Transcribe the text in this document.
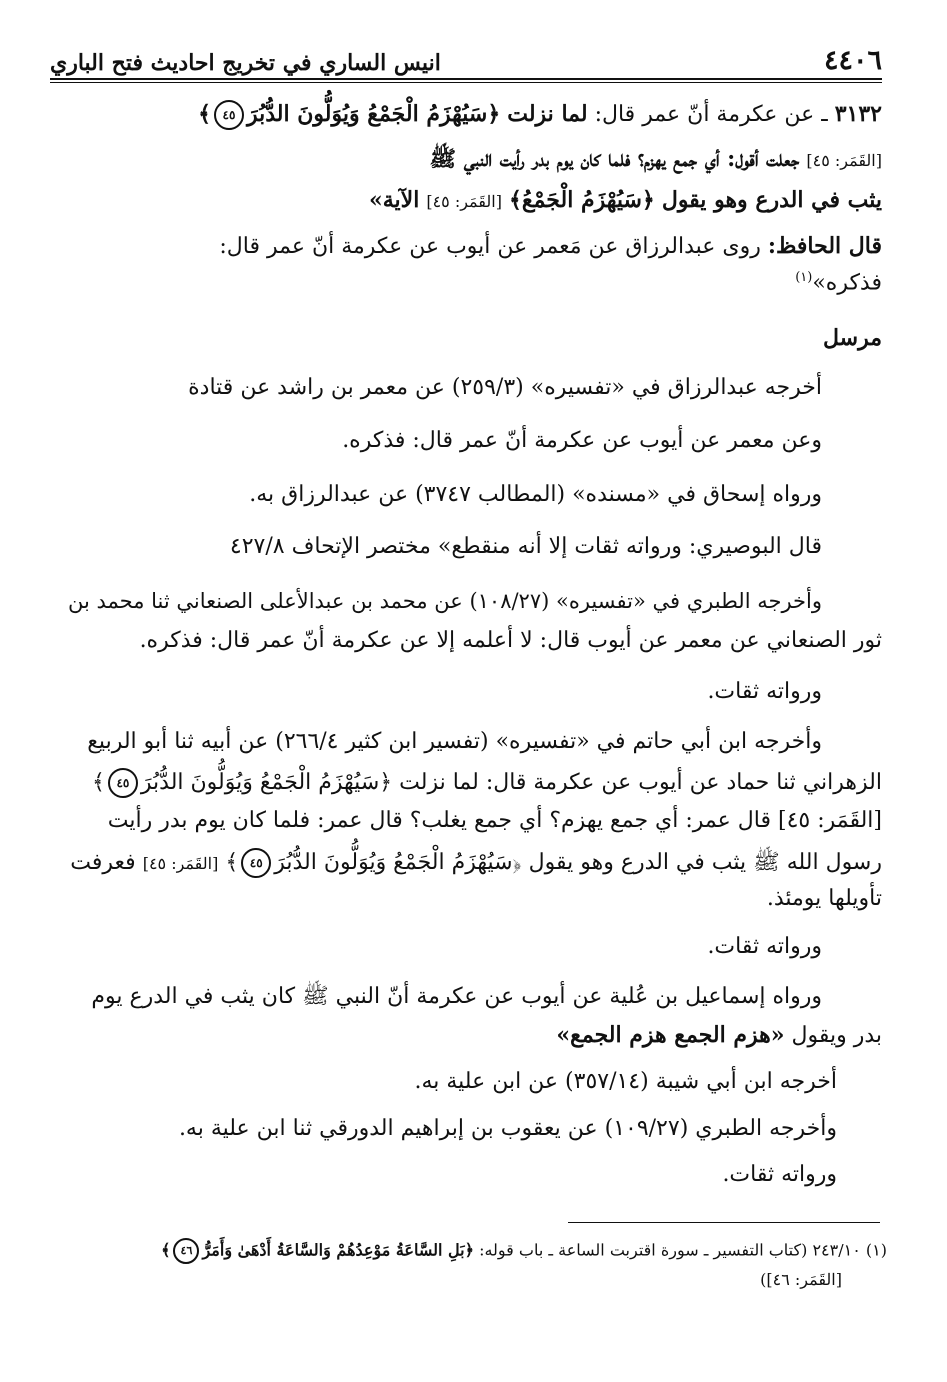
٤٤٠٦
انيس الساري في تخريج احاديث فتح الباري
٣١٣٢ ـ عن عكرمة أنّ عمر قال: لما نزلت ﴿سَيُهْزَمُ الْجَمْعُ وَيُوَلُّونَ الدُّبُرَ٤٥﴾
[القَمَر: ٤٥] جعلت أقول: أي جمع يهزم؟ فلما كان يوم بدر رأيت النبي ﷺ
يثب في الدرع وهو يقول ﴿سَيُهْزَمُ الْجَمْعُ﴾ [القَمَر: ٤٥] الآية»
قال الحافظ: روى عبدالرزاق عن مَعمر عن أيوب عن عكرمة أنّ عمر قال:
فذكره»$^{(١)}$
مرسل
أخرجه عبدالرزاق في «تفسيره» (٢٥٩/٣) عن معمر بن راشد عن قتادة
وعن معمر عن أيوب عن عكرمة أنّ عمر قال: فذكره.
ورواه إسحاق في «مسنده» (المطالب ٣٧٤٧) عن عبدالرزاق به.
قال البوصيري: ورواته ثقات إلا أنه منقطع» مختصر الإتحاف ٤٢٧/٨
وأخرجه الطبري في «تفسيره» (١٠٨/٢٧) عن محمد بن عبدالأعلى الصنعاني ثنا محمد بن
ثور الصنعاني عن معمر عن أيوب قال: لا أعلمه إلا عن عكرمة أنّ عمر قال: فذكره.
ورواته ثقات.
وأخرجه ابن أبي حاتم في «تفسيره» (تفسير ابن كثير ٢٦٦/٤) عن أبيه ثنا أبو الربيع
الزهراني ثنا حماد عن أيوب عن عكرمة قال: لما نزلت ﴿سَيُهْزَمُ الْجَمْعُ وَيُوَلُّونَ الدُّبُرَ٤٥﴾
[القَمَر: ٤٥] قال عمر: أي جمع يهزم؟ أي جمع يغلب؟ قال عمر: فلما كان يوم بدر رأيت
رسول الله ﷺ يثب في الدرع وهو يقول ﴿سَيُهْزَمُ الْجَمْعُ وَيُوَلُّونَ الدُّبُرَ٤٥﴾ [القَمَر: ٤٥] فعرفت
تأويلها يومئذ.
ورواته ثقات.
ورواه إسماعيل بن عُلية عن أيوب عن عكرمة أنّ النبي ﷺ كان يثب في الدرع يوم
بدر ويقول «هزم الجمع هزم الجمع»
أخرجه ابن أبي شيبة (٣٥٧/١٤) عن ابن علية به.
وأخرجه الطبري (١٠٩/٢٧) عن يعقوب بن إبراهيم الدورقي ثنا ابن علية به.
ورواته ثقات.
(١) ٢٤٣/١٠ (كتاب التفسير ـ سورة اقتربت الساعة ـ باب قوله: ﴿بَلِ السَّاعَةُ مَوْعِدُهُمْ وَالسَّاعَةُ أَدْهَىٰ وَأَمَرُّ٤٦﴾
[القَمَر: ٤٦])
